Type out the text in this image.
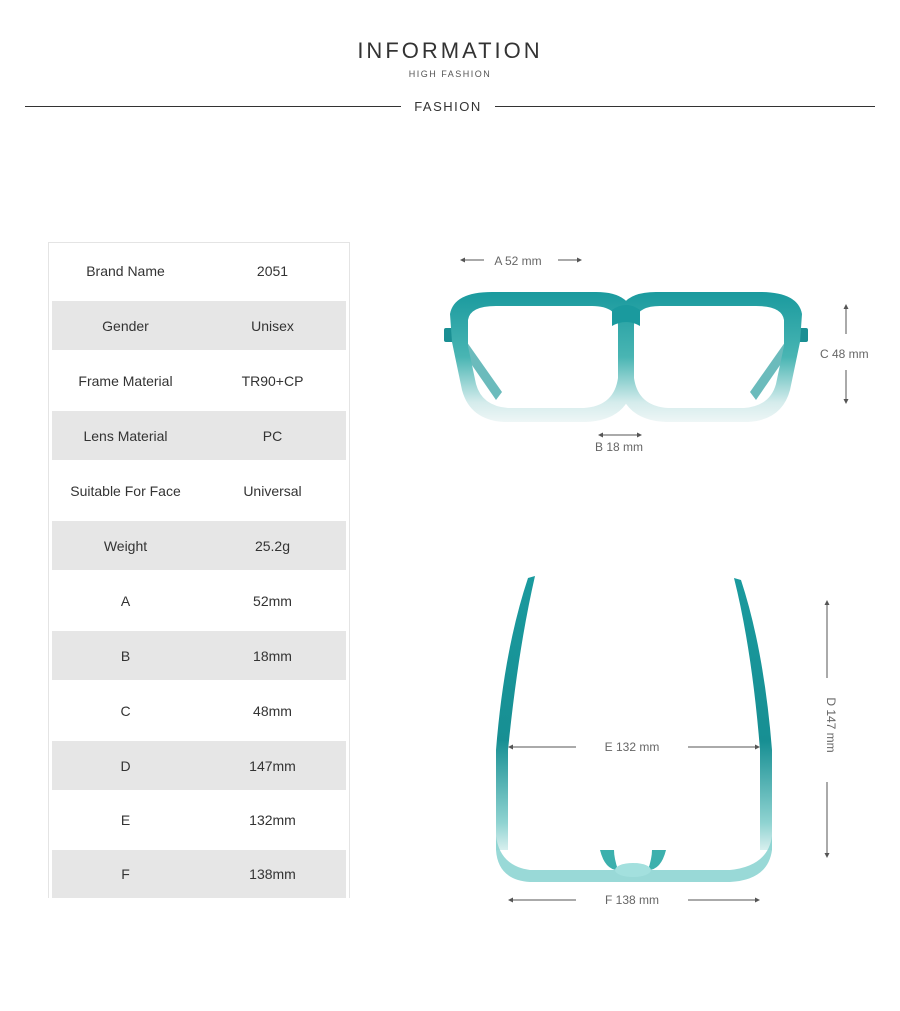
INFORMATION
HIGH FASHION
FASHION
Brand Name	2051
Gender	Unisex
Frame Material	TR90+CP
Lens Material	PC
Suitable For Face	Universal
Weight	25.2g
A	52mm
B	18mm
C	48mm
D	147mm
E	132mm
F	138mm
A 52 mm
B 18 mm
C 48 mm
E 132 mm
F 138 mm
D 147 mm
